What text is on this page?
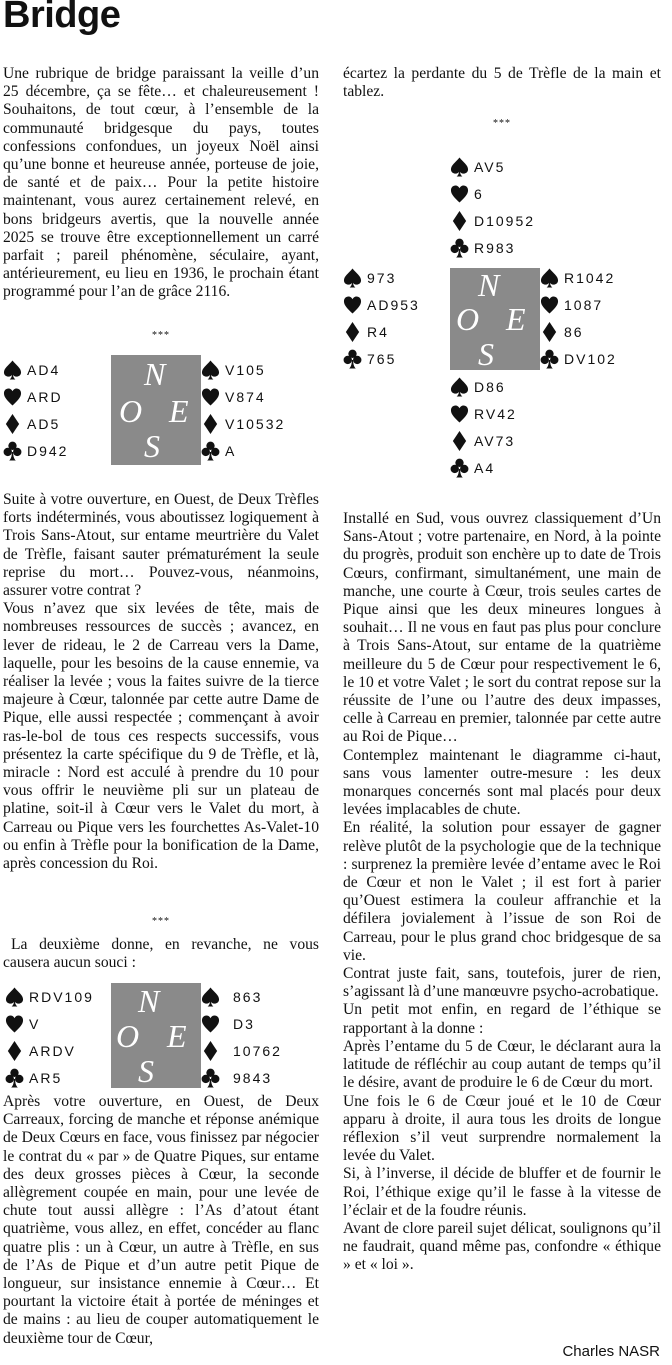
Bridge

Une rubrique de bridge paraissant la veille d’un 25 décembre, ça se fête… et chaleureusement ! Souhaitons, de tout cœur, à l’ensemble de la communauté bridgesque du pays, toutes confessions confondues, un joyeux Noël ainsi qu’une bonne et heureuse année, porteuse de joie, de santé et de paix… Pour la petite histoire maintenant, vous aurez certainement relevé, en bons bridgeurs avertis, que la nouvelle année 2025 se trouve être exceptionnellement un carré parfait ; pareil phénomène, séculaire, ayant, antérieurement, eu lieu en 1936, le prochain étant programmé pour l’an de grâce 2116.

***
AD4
ARD
AD5
D942
N
O E
S
V105
V874
V10532
A

Suite à votre ouverture, en Ouest, de Deux Trèfles forts indéterminés, vous aboutissez logiquement à Trois Sans-Atout, sur entame meurtrière du Valet de Trèfle, faisant sauter prématurément la seule reprise du mort… Pouvez-vous, néanmoins, assurer votre contrat ?

Vous n’avez que six levées de tête, mais de nombreuses ressources de succès ; avancez, en lever de rideau, le 2 de Carreau vers la Dame, laquelle, pour les besoins de la cause ennemie, va réaliser la levée ; vous la faites suivre de la tierce majeure à Cœur, talonnée par cette autre Dame de Pique, elle aussi respectée ; commençant à avoir ras-le-bol de tous ces respects successifs, vous présentez la carte spécifique du 9 de Trèfle, et là, miracle : Nord est acculé à prendre du 10 pour vous offrir le neuvième pli sur un plateau de platine, soit-il à Cœur vers le Valet du mort, à Carreau ou Pique vers les fourchettes As-Valet-10 ou enfin à Trèfle pour la bonification de la Dame, après concession du Roi.

***

La deuxième donne, en revanche, ne vous causera aucun souci :

RDV109
V
ARDV
AR5
N
O E
S
863
D3
10762
9843

Après votre ouverture, en Ouest, de Deux Carreaux, forcing de manche et réponse anémique de Deux Cœurs en face, vous finissez par négocier le contrat du « par » de Quatre Piques, sur entame des deux grosses pièces à Cœur, la seconde allègrement coupée en main, pour une levée de chute tout aussi allègre : l’As d’atout étant quatrième, vous allez, en effet, concéder au flanc quatre plis : un à Cœur, un autre à Trèfle, en sus de l’As de Pique et d’un autre petit Pique de longueur, sur insistance ennemie à Cœur… Et pourtant la victoire était à portée de méninges et de mains : au lieu de couper automatiquement le deuxième tour de Cœur,

écartez la perdante du 5 de Trèfle de la main et tablez.

***
AV5
6
D10952
R983
973
AD953
R4
765
N
O E
S
R1042
1087
86
DV102
D86
RV42
AV73
A4

Installé en Sud, vous ouvrez classiquement d’Un Sans-Atout ; votre partenaire, en Nord, à la pointe du progrès, produit son enchère up to date de Trois Cœurs, confirmant, simultanément, une main de manche, une courte à Cœur, trois seules cartes de Pique ainsi que les deux mineures longues à souhait… Il ne vous en faut pas plus pour conclure à Trois Sans-Atout, sur entame de la quatrième meilleure du 5 de Cœur pour respectivement le 6, le 10 et votre Valet ; le sort du contrat repose sur la réussite de l’une ou l’autre des deux impasses, celle à Carreau en premier, talonnée par cette autre au Roi de Pique…

Contemplez maintenant le diagramme ci-haut, sans vous lamenter outre-mesure : les deux monarques concernés sont mal placés pour deux levées implacables de chute.

En réalité, la solution pour essayer de gagner relève plutôt de la psychologie que de la technique : surprenez la première levée d’entame avec le Roi de Cœur et non le Valet ; il est fort à parier qu’Ouest estimera la couleur affranchie et la défilera jovialement à l’issue de son Roi de Carreau, pour le plus grand choc bridgesque de sa vie.

Contrat juste fait, sans, toutefois, jurer de rien, s’agissant là d’une manœuvre psycho-acrobatique.

Un petit mot enfin, en regard de l’éthique se rapportant à la donne :

Après l’entame du 5 de Cœur, le déclarant aura la latitude de réfléchir au coup autant de temps qu’il le désire, avant de produire le 6 de Cœur du mort.

Une fois le 6 de Cœur joué et le 10 de Cœur apparu à droite, il aura tous les droits de longue réflexion s’il veut surprendre normalement la levée du Valet.

Si, à l’inverse, il décide de bluffer et de fournir le Roi, l’éthique exige qu’il le fasse à la vitesse de l’éclair et de la foudre réunis.

Avant de clore pareil sujet délicat, soulignons qu’il ne faudrait, quand même pas, confondre « éthique » et « loi ».

Charles NASR
